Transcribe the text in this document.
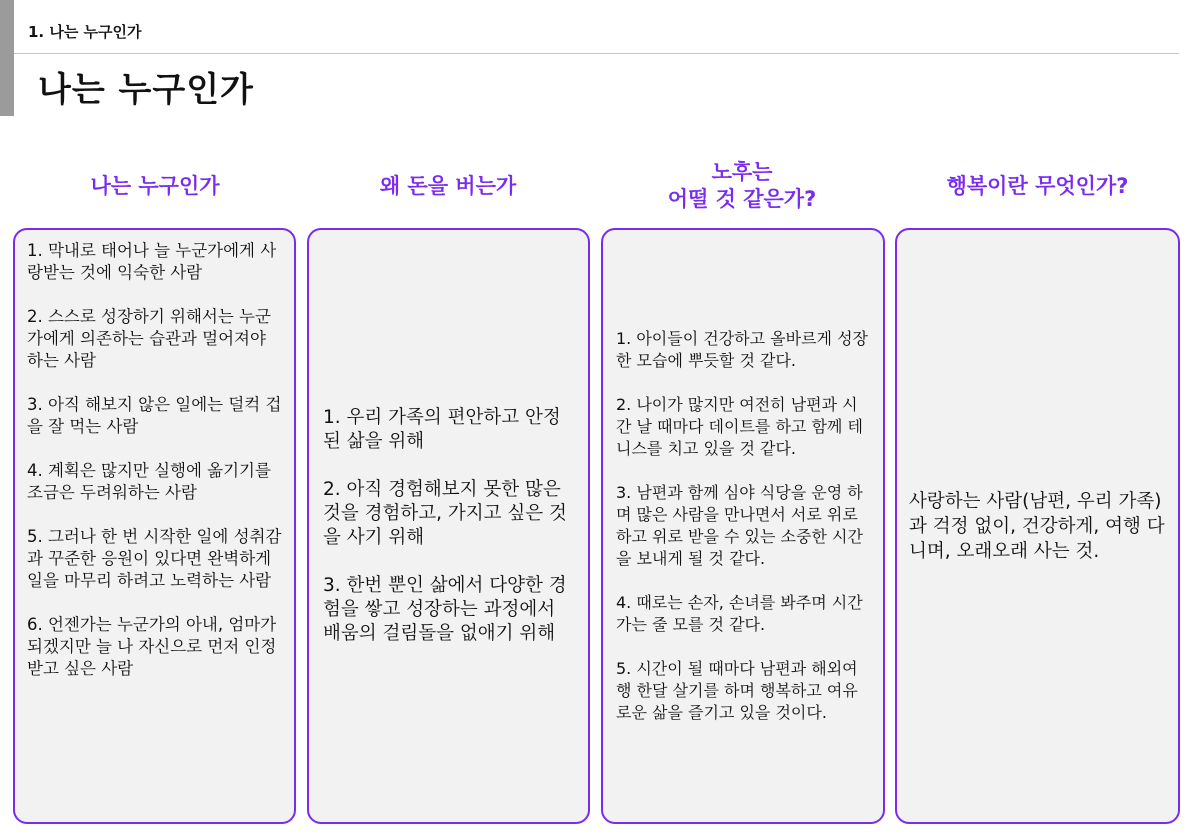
1. 나는 누구인가
나는 누구인가
나는 누구인가

1. 막내로 태어나 늘 누군가에게 사랑받는 것에 익숙한 사람

2. 스스로 성장하기 위해서는 누군가에게 의존하는 습관과 멀어져야 하는 사람

3. 아직 해보지 않은 일에는 덜컥 겁을 잘 먹는 사람

4. 계획은 많지만 실행에 옮기기를 조금은 두려워하는 사람

5. 그러나 한 번 시작한 일에 성취감과 꾸준한 응원이 있다면 완벽하게 일을 마무리 하려고 노력하는 사람

6. 언젠가는 누군가의 아내, 엄마가 되겠지만 늘 나 자신으로 먼저 인정받고 싶은 사람

왜 돈을 버는가

1. 우리 가족의 편안하고 안정된 삶을 위해

2. 아직 경험해보지 못한 많은 것을 경험하고, 가지고 싶은 것을 사기 위해

3. 한번 뿐인 삶에서 다양한 경험을 쌓고 성장하는 과정에서 배움의 걸림돌을 없애기 위해

노후는
어떨 것 같은가?

1. 아이들이 건강하고 올바르게 성장한 모습에 뿌듯할 것 같다.

2. 나이가 많지만 여전히 남편과 시간 날 때마다 데이트를 하고 함께 테니스를 치고 있을 것 같다.

3. 남편과 함께 심야 식당을 운영 하며 많은 사람을 만나면서 서로 위로하고 위로 받을 수 있는 소중한 시간을 보내게 될 것 같다.

4. 때로는 손자, 손녀를 봐주며 시간 가는 줄 모를 것 같다.

5. 시간이 될 때마다 남편과 해외여행 한달 살기를 하며 행복하고 여유로운 삶을 즐기고 있을 것이다.

행복이란 무엇인가?

사랑하는 사람(남편, 우리 가족)과 걱정 없이, 건강하게, 여행 다니며, 오래오래 사는 것.
